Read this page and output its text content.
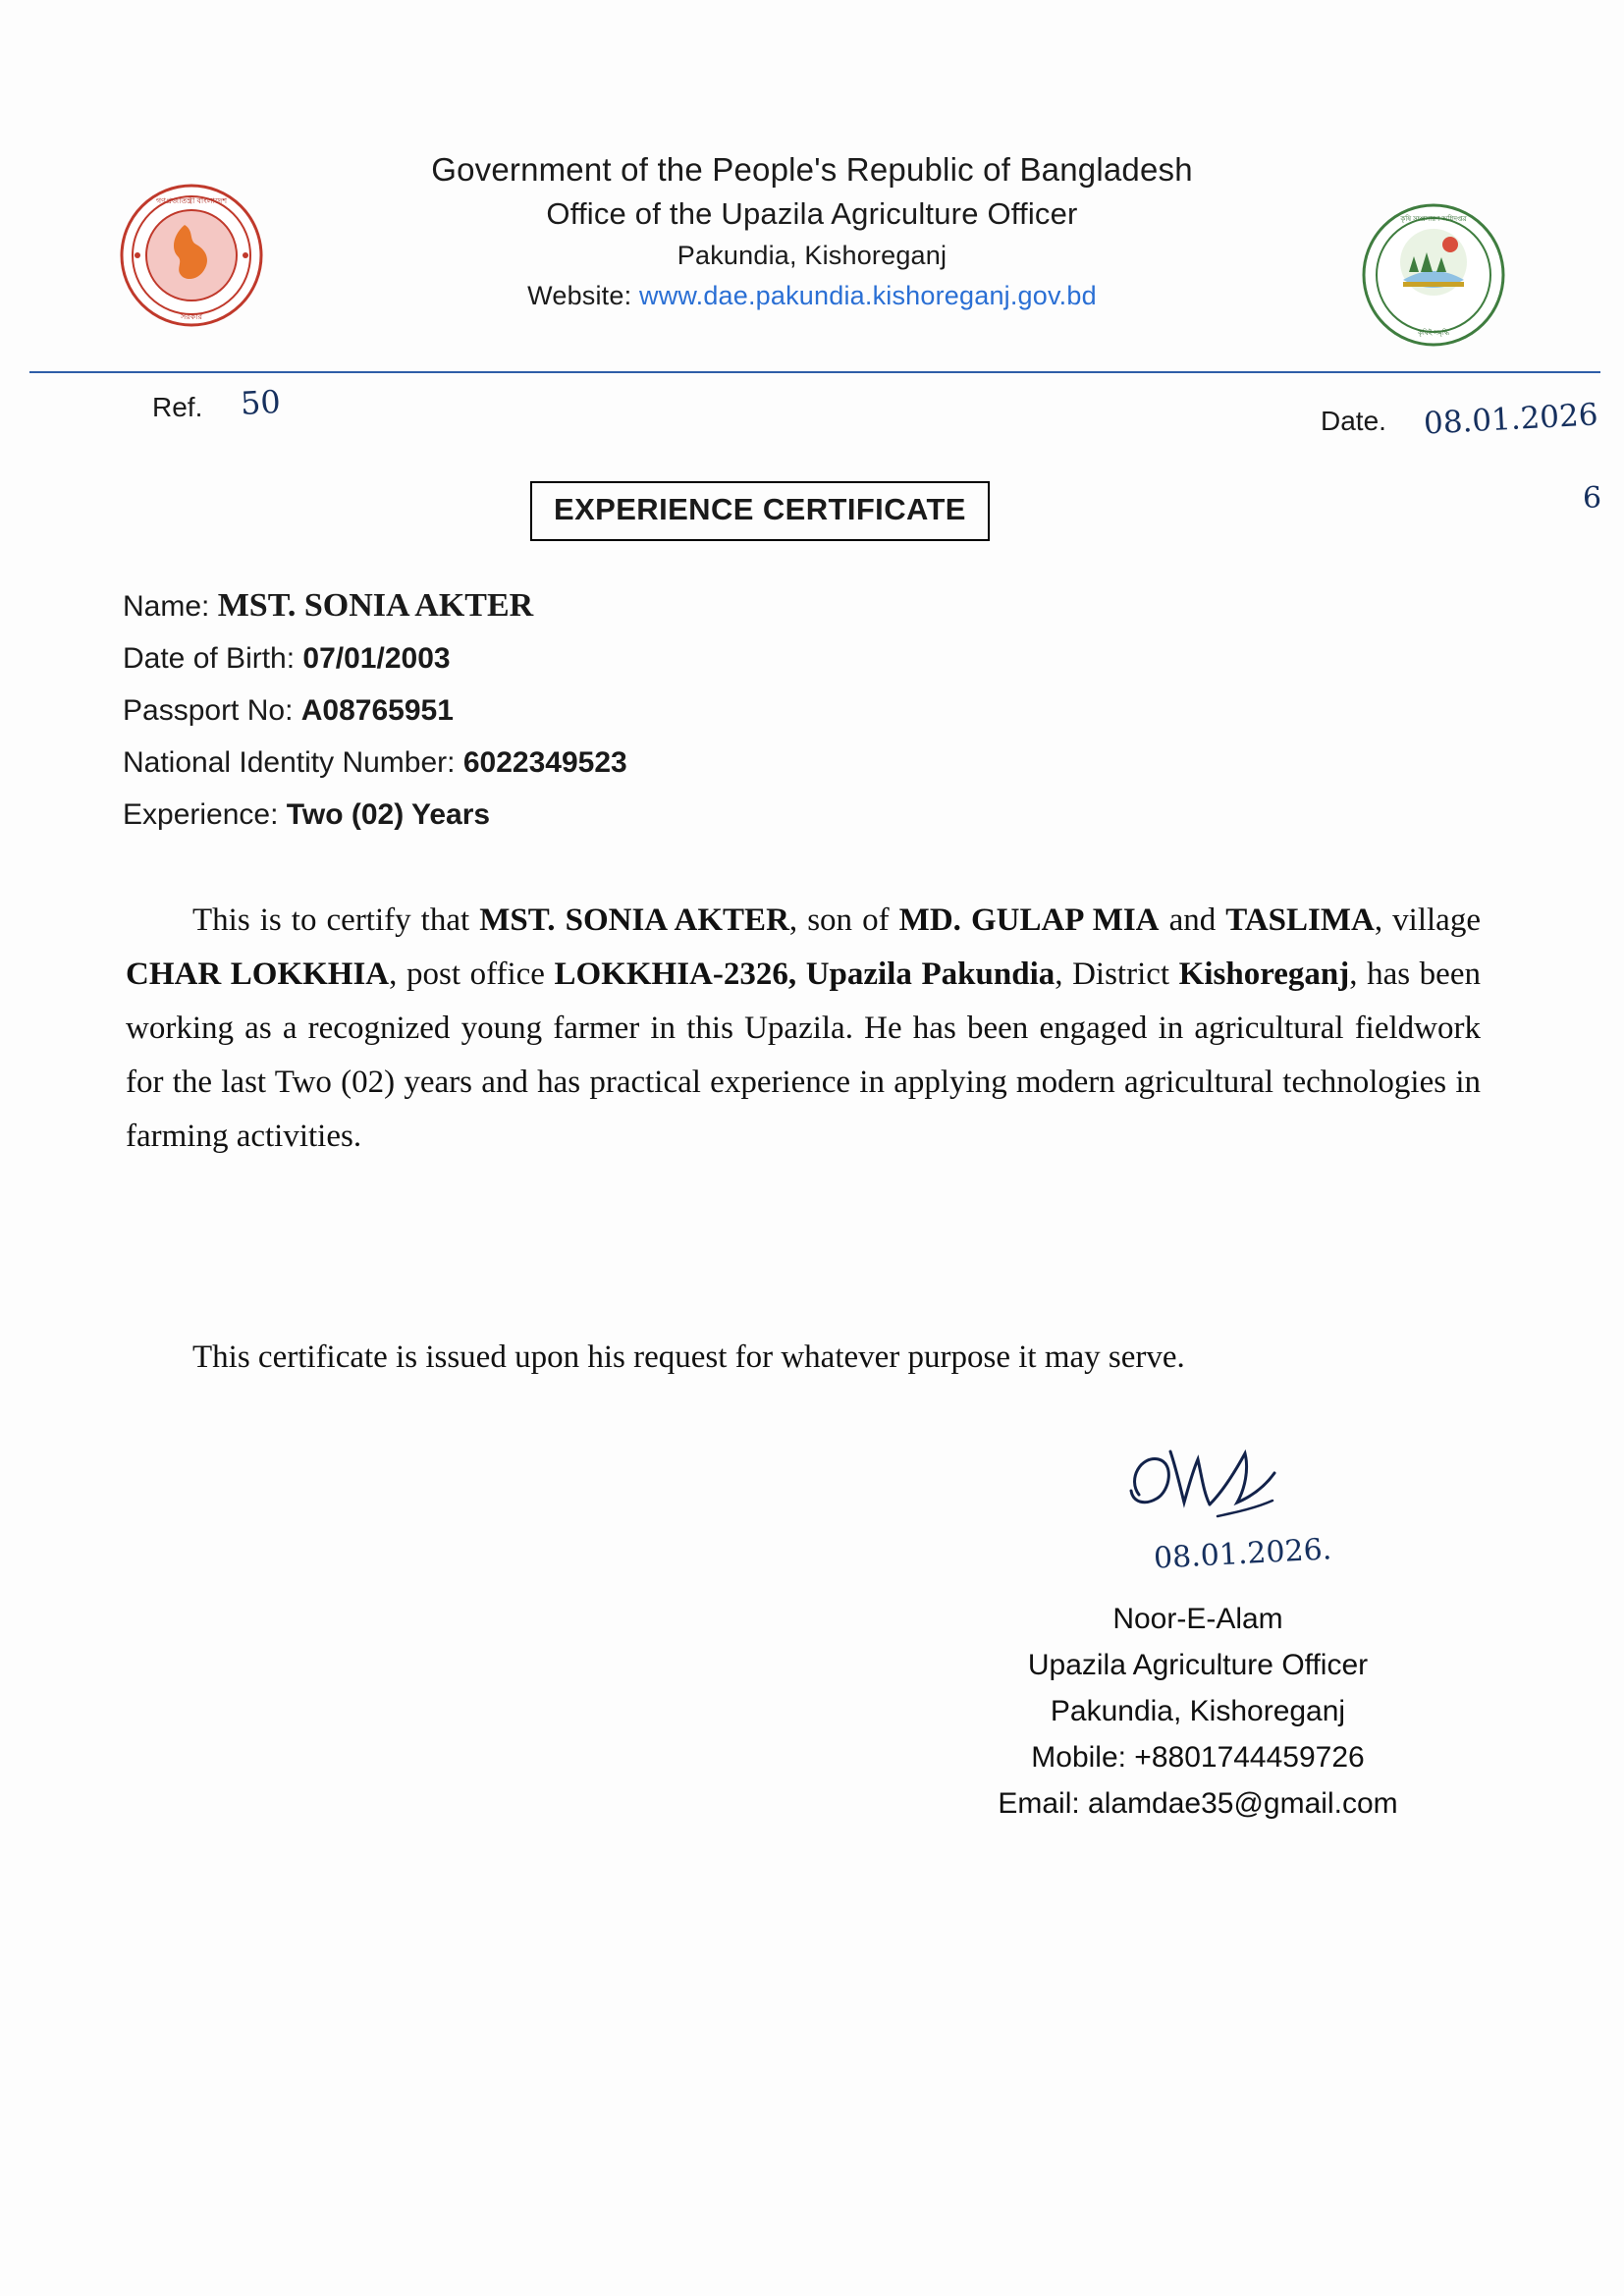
গণপ্রজাতন্ত্রী বাংলাদেশ
সরকার
কৃষি সম্প্রসারণ অধিদপ্তর
কৃষিই সমৃদ্ধি
Government of the People's Republic of Bangladesh
Office of the Upazila Agriculture Officer
Pakundia, Kishoreganj
Website: www.dae.pakundia.kishoreganj.gov.bd
Ref. 50	Date. 08.01.2026
6
EXPERIENCE CERTIFICATE
Name: MST. SONIA AKTER
Date of Birth: 07/01/2003
Passport No: A08765951
National Identity Number: 6022349523
Experience: Two (02) Years
This is to certify that MST. SONIA AKTER, son of MD. GULAP MIA and TASLIMA, village CHAR LOKKHIA, post office LOKKHIA-2326, Upazila Pakundia, District Kishoreganj, has been working as a recognized young farmer in this Upazila. He has been engaged in agricultural fieldwork for the last Two (02) years and has practical experience in applying modern agricultural technologies in farming activities.
This certificate is issued upon his request for whatever purpose it may serve.
08.01.2026.
Noor-E-Alam
Upazila Agriculture Officer
Pakundia, Kishoreganj
Mobile: +8801744459726
Email: alamdae35@gmail.com
